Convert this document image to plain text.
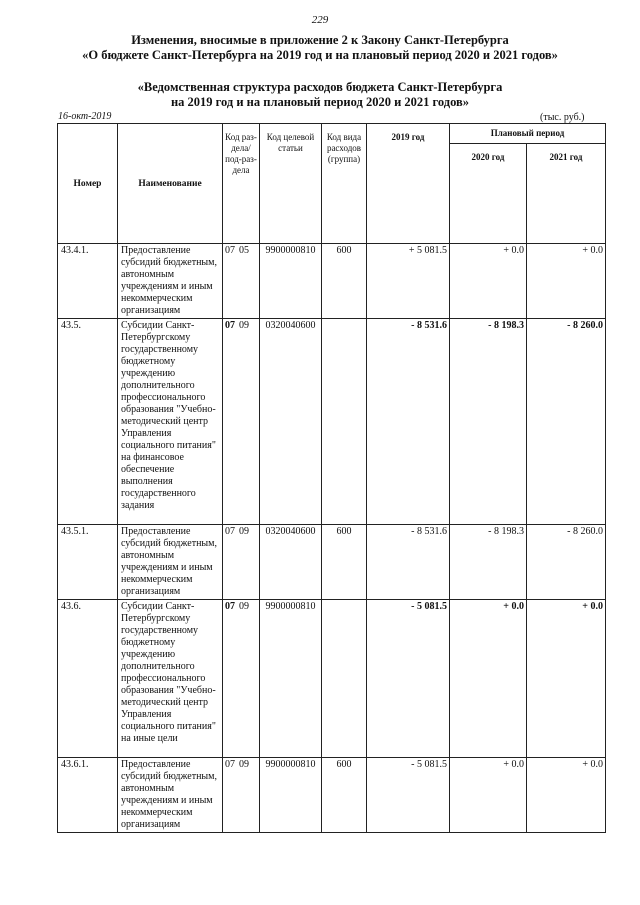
229
Изменения, вносимые в приложение 2 к Закону Санкт-Петербурга
«О бюджете Санкт-Петербурга на 2019 год и на плановый период 2020 и 2021 годов»
«Ведомственная структура расходов бюджета Санкт-Петербурга
на 2019 год и на плановый период 2020 и 2021 годов»
16-окт-2019	(тыс. руб.)
Номер	Наименование	Код раз-дела/ под-раз-дела	Код целевой статьи	Код вида расходов (группа)	2019 год	Плановый период	
						2020 год	2021 год
43.4.1.	Предоставление субсидий бюджетным, автономным учреждениям и иным некоммерческим организациям	07 05	9900000810	600	+ 5 081.5	+ 0.0	+ 0.0
43.5.	Субсидии Санкт-Петербургскому государственному бюджетному учреждению дополнительного профессионального образования "Учебно-методический центр Управления социального питания" на финансовое обеспечение выполнения государственного задания	07 09	0320040600		- 8 531.6	- 8 198.3	- 8 260.0
43.5.1.	Предоставление субсидий бюджетным, автономным учреждениям и иным некоммерческим организациям	07 09	0320040600	600	- 8 531.6	- 8 198.3	- 8 260.0
43.6.	Субсидии Санкт-Петербургскому государственному бюджетному учреждению дополнительного профессионального образования "Учебно-методический центр Управления социального питания" на иные цели	07 09	9900000810		- 5 081.5	+ 0.0	+ 0.0
43.6.1.	Предоставление субсидий бюджетным, автономным учреждениям и иным некоммерческим организациям	07 09	9900000810	600	- 5 081.5	+ 0.0	+ 0.0
